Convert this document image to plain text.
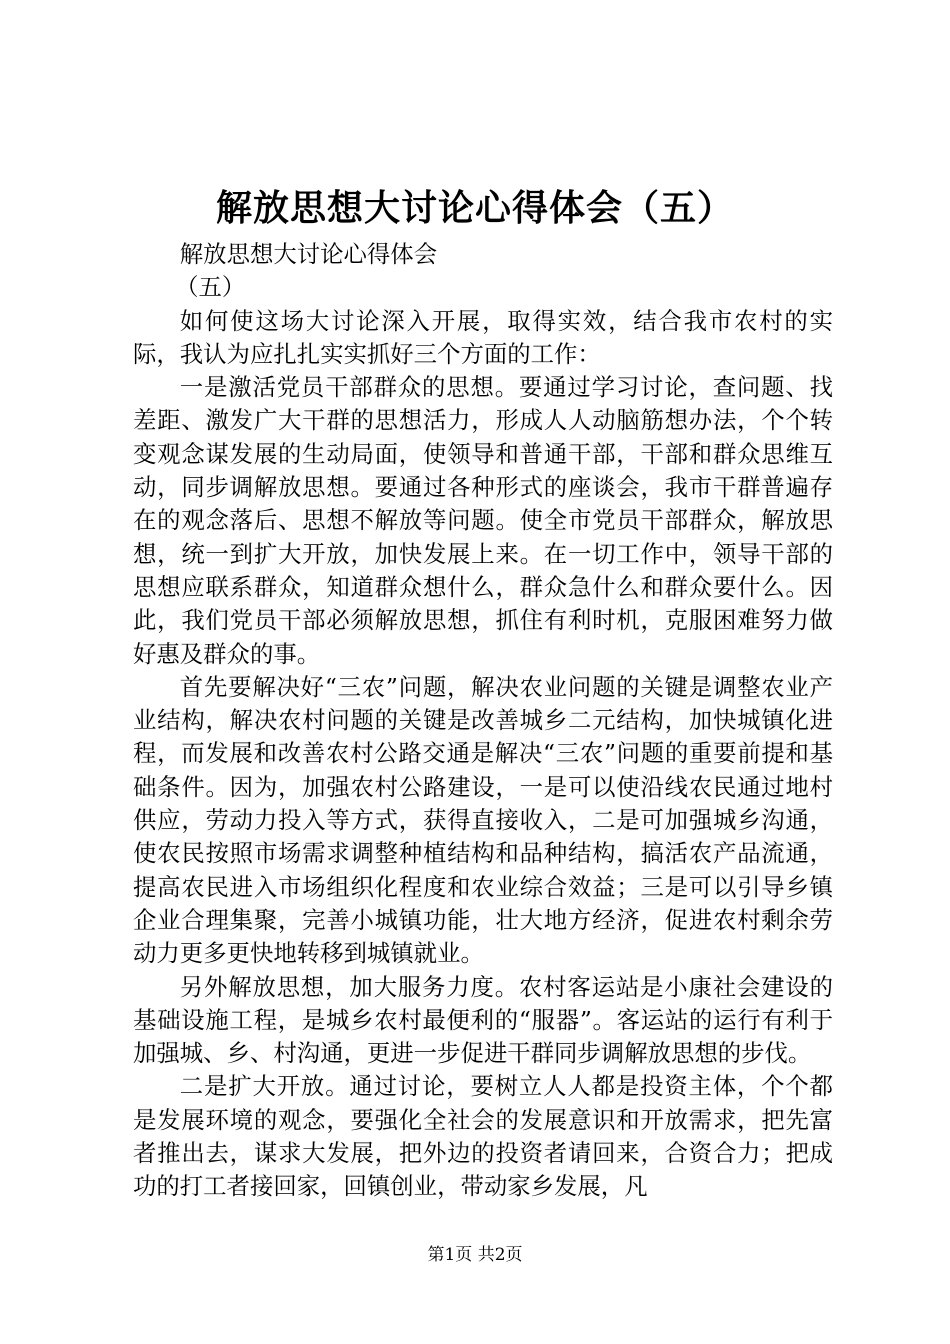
解放思想大讨论心得体会（五）

解放思想大讨论心得体会

（五）

如何使这场大讨论深入开展，取得实效，结合我市农村的实际，我认为应扎扎实实抓好三个方面的工作：

一是激活党员干部群众的思想。要通过学习讨论，查问题、找差距、激发广大干群的思想活力，形成人人动脑筋想办法，个个转变观念谋发展的生动局面，使领导和普通干部，干部和群众思维互动，同步调解放思想。要通过各种形式的座谈会，我市干群普遍存在的观念落后、思想不解放等问题。使全市党员干部群众，解放思想，统一到扩大开放，加快发展上来。在一切工作中，领导干部的思想应联系群众，知道群众想什么，群众急什么和群众要什么。因此，我们党员干部必须解放思想，抓住有利时机，克服困难努力做好惠及群众的事。

首先要解决好“三农”问题，解决农业问题的关键是调整农业产业结构，解决农村问题的关键是改善城乡二元结构，加快城镇化进程，而发展和改善农村公路交通是解决“三农”问题的重要前提和基础条件。因为，加强农村公路建设，一是可以使沿线农民通过地村供应，劳动力投入等方式，获得直接收入，二是可加强城乡沟通，使农民按照市场需求调整种植结构和品种结构，搞活农产品流通，提高农民进入市场组织化程度和农业综合效益；三是可以引导乡镇企业合理集聚，完善小城镇功能，壮大地方经济，促进农村剩余劳动力更多更快地转移到城镇就业。

另外解放思想，加大服务力度。农村客运站是小康社会建设的基础设施工程，是城乡农村最便利的“服器”。客运站的运行有利于加强城、乡、村沟通，更进一步促进干群同步调解放思想的步伐。

二是扩大开放。通过讨论，要树立人人都是投资主体，个个都是发展环境的观念，要强化全社会的发展意识和开放需求，把先富者推出去，谋求大发展，把外边的投资者请回来，合资合力；把成功的打工者接回家，回镇创业，带动家乡发展，凡

第1页 共2页
